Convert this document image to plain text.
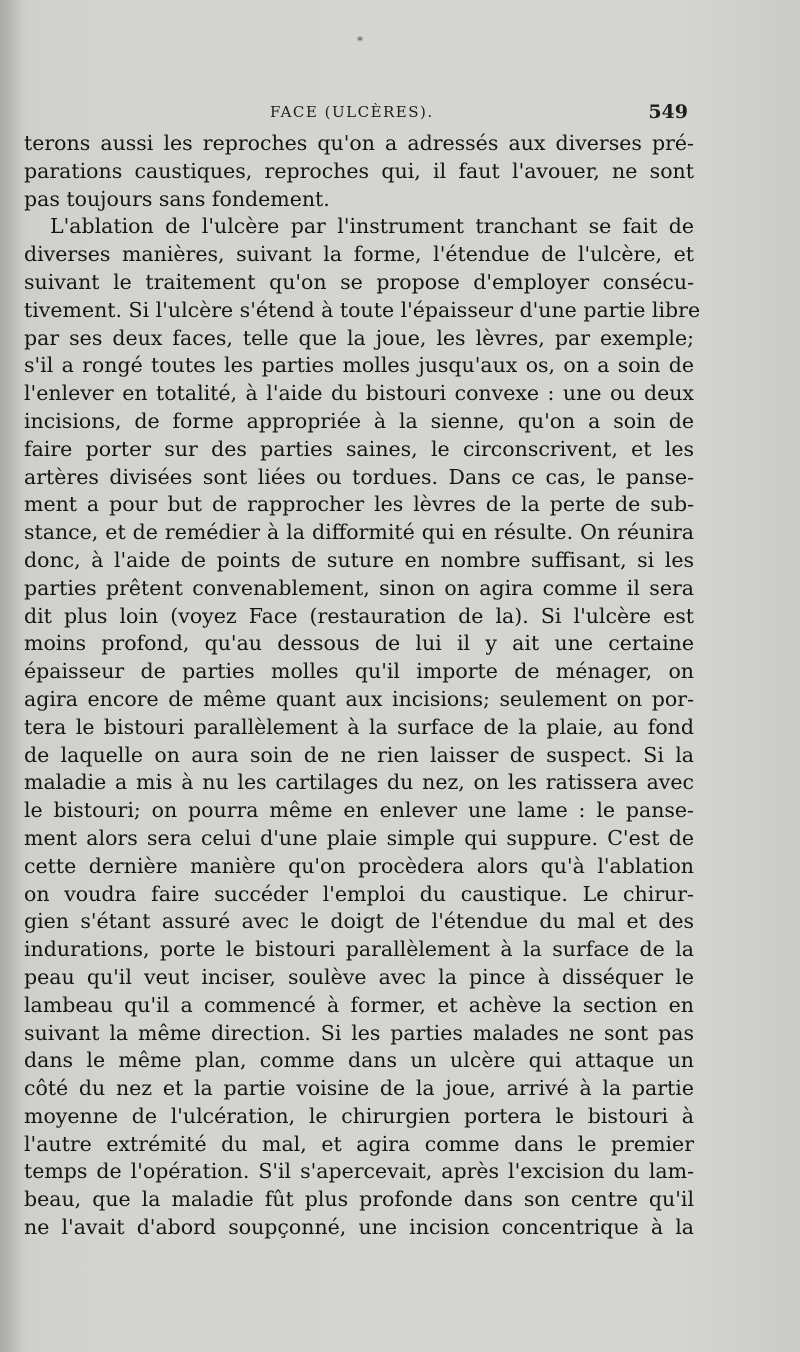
*
FACE (ULCÈRES).	549
terons aussi les reproches qu'on a adressés aux diverses pré-
parations caustiques, reproches qui, il faut l'avouer, ne sont
pas toujours sans fondement.
L'ablation de l'ulcère par l'instrument tranchant se fait de
diverses manières, suivant la forme, l'étendue de l'ulcère, et
suivant le traitement qu'on se propose d'employer consécu-
tivement. Si l'ulcère s'étend à toute l'épaisseur d'une partie libre
par ses deux faces, telle que la joue, les lèvres, par exemple;
s'il a rongé toutes les parties molles jusqu'aux os, on a soin de
l'enlever en totalité, à l'aide du bistouri convexe : une ou deux
incisions, de forme appropriée à la sienne, qu'on a soin de
faire porter sur des parties saines, le circonscrivent, et les
artères divisées sont liées ou tordues. Dans ce cas, le panse-
ment a pour but de rapprocher les lèvres de la perte de sub-
stance, et de remédier à la difformité qui en résulte. On réunira
donc, à l'aide de points de suture en nombre suffisant, si les
parties prêtent convenablement, sinon on agira comme il sera
dit plus loin (voyez Face (restauration de la). Si l'ulcère est
moins profond, qu'au dessous de lui il y ait une certaine
épaisseur de parties molles qu'il importe de ménager, on
agira encore de même quant aux incisions; seulement on por-
tera le bistouri parallèlement à la surface de la plaie, au fond
de laquelle on aura soin de ne rien laisser de suspect. Si la
maladie a mis à nu les cartilages du nez, on les ratissera avec
le bistouri; on pourra même en enlever une lame : le panse-
ment alors sera celui d'une plaie simple qui suppure. C'est de
cette dernière manière qu'on procèdera alors qu'à l'ablation
on voudra faire succéder l'emploi du caustique. Le chirur-
gien s'étant assuré avec le doigt de l'étendue du mal et des
indurations, porte le bistouri parallèlement à la surface de la
peau qu'il veut inciser, soulève avec la pince à disséquer le
lambeau qu'il a commencé à former, et achève la section en
suivant la même direction. Si les parties malades ne sont pas
dans le même plan, comme dans un ulcère qui attaque un
côté du nez et la partie voisine de la joue, arrivé à la partie
moyenne de l'ulcération, le chirurgien portera le bistouri à
l'autre extrémité du mal, et agira comme dans le premier
temps de l'opération. S'il s'apercevait, après l'excision du lam-
beau, que la maladie fût plus profonde dans son centre qu'il
ne l'avait d'abord soupçonné, une incision concentrique à la
